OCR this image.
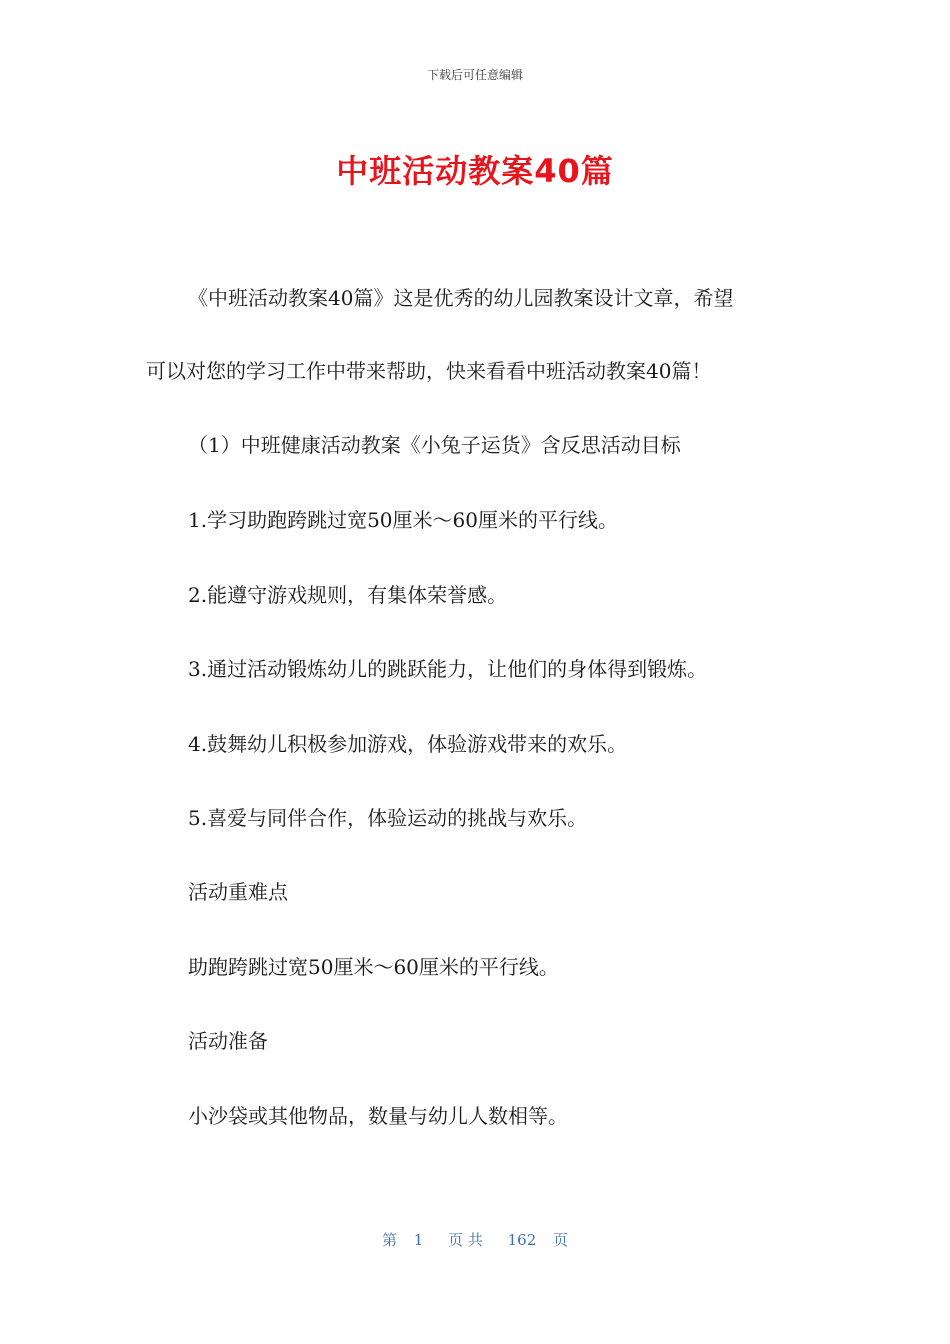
下载后可任意编辑
中班活动教案40篇
《中班活动教案40篇》这是优秀的幼儿园教案设计文章，希望
可以对您的学习工作中带来帮助，快来看看中班活动教案40篇！
（1）中班健康活动教案《小兔子运货》含反思活动目标
1.学习助跑跨跳过宽50厘米～60厘米的平行线。
2.能遵守游戏规则，有集体荣誉感。
3.通过活动锻炼幼儿的跳跃能力，让他们的身体得到锻炼。
4.鼓舞幼儿积极参加游戏，体验游戏带来的欢乐。
5.喜爱与同伴合作，体验运动的挑战与欢乐。
活动重难点
助跑跨跳过宽50厘米～60厘米的平行线。
活动准备
小沙袋或其他物品，数量与幼儿人数相等。
第 1 页 共 162 页
